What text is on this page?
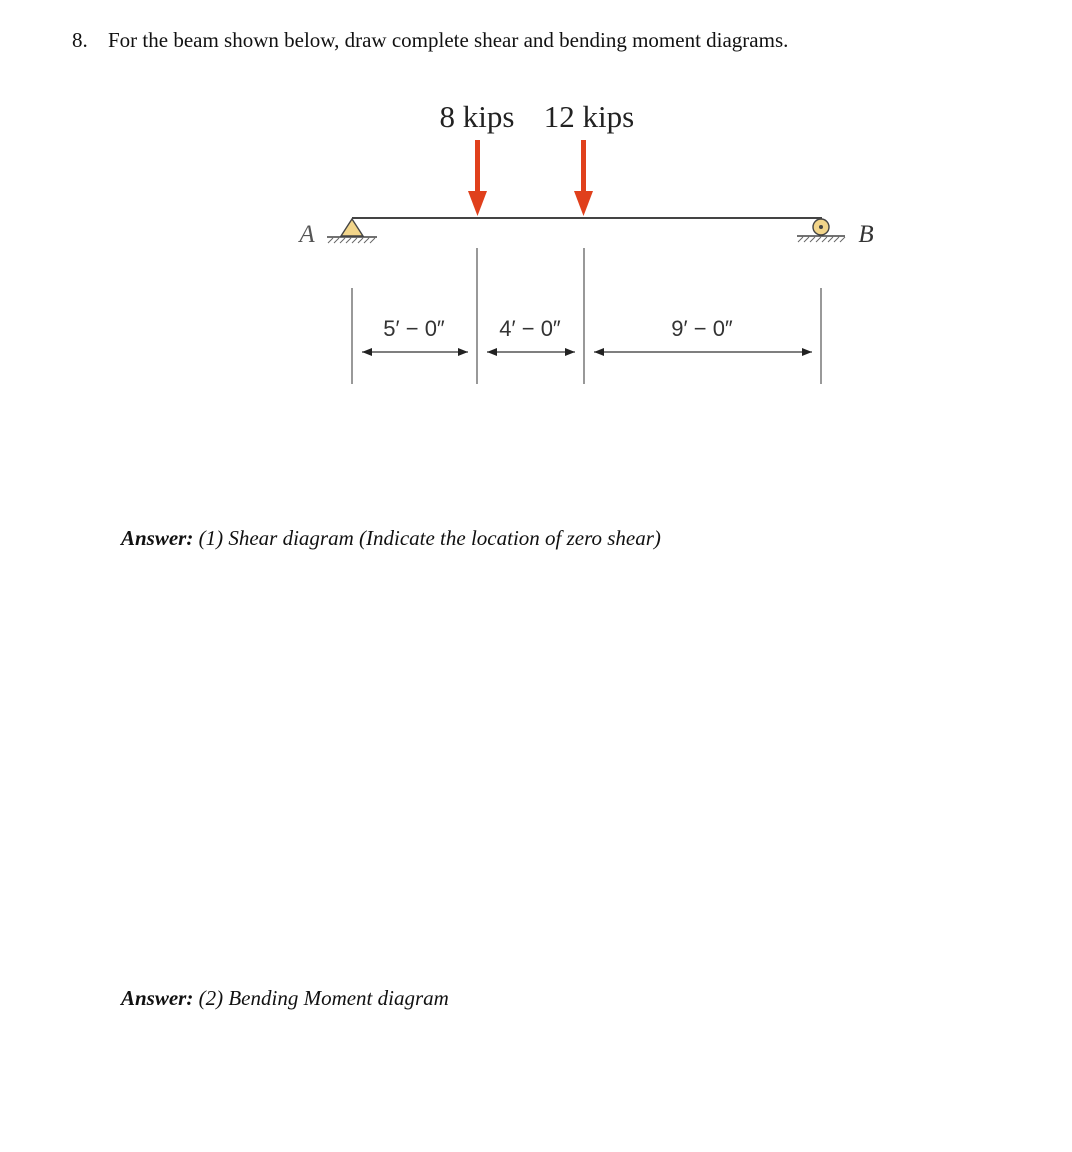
8. For the beam shown below, draw complete shear and bending moment diagrams.
8 kips 12 kips
A	B
5′ − 0″ 4′ − 0″	9′ − 0″
Answer: (1) Shear diagram (Indicate the location of zero shear)
Answer: (2) Bending Moment diagram
